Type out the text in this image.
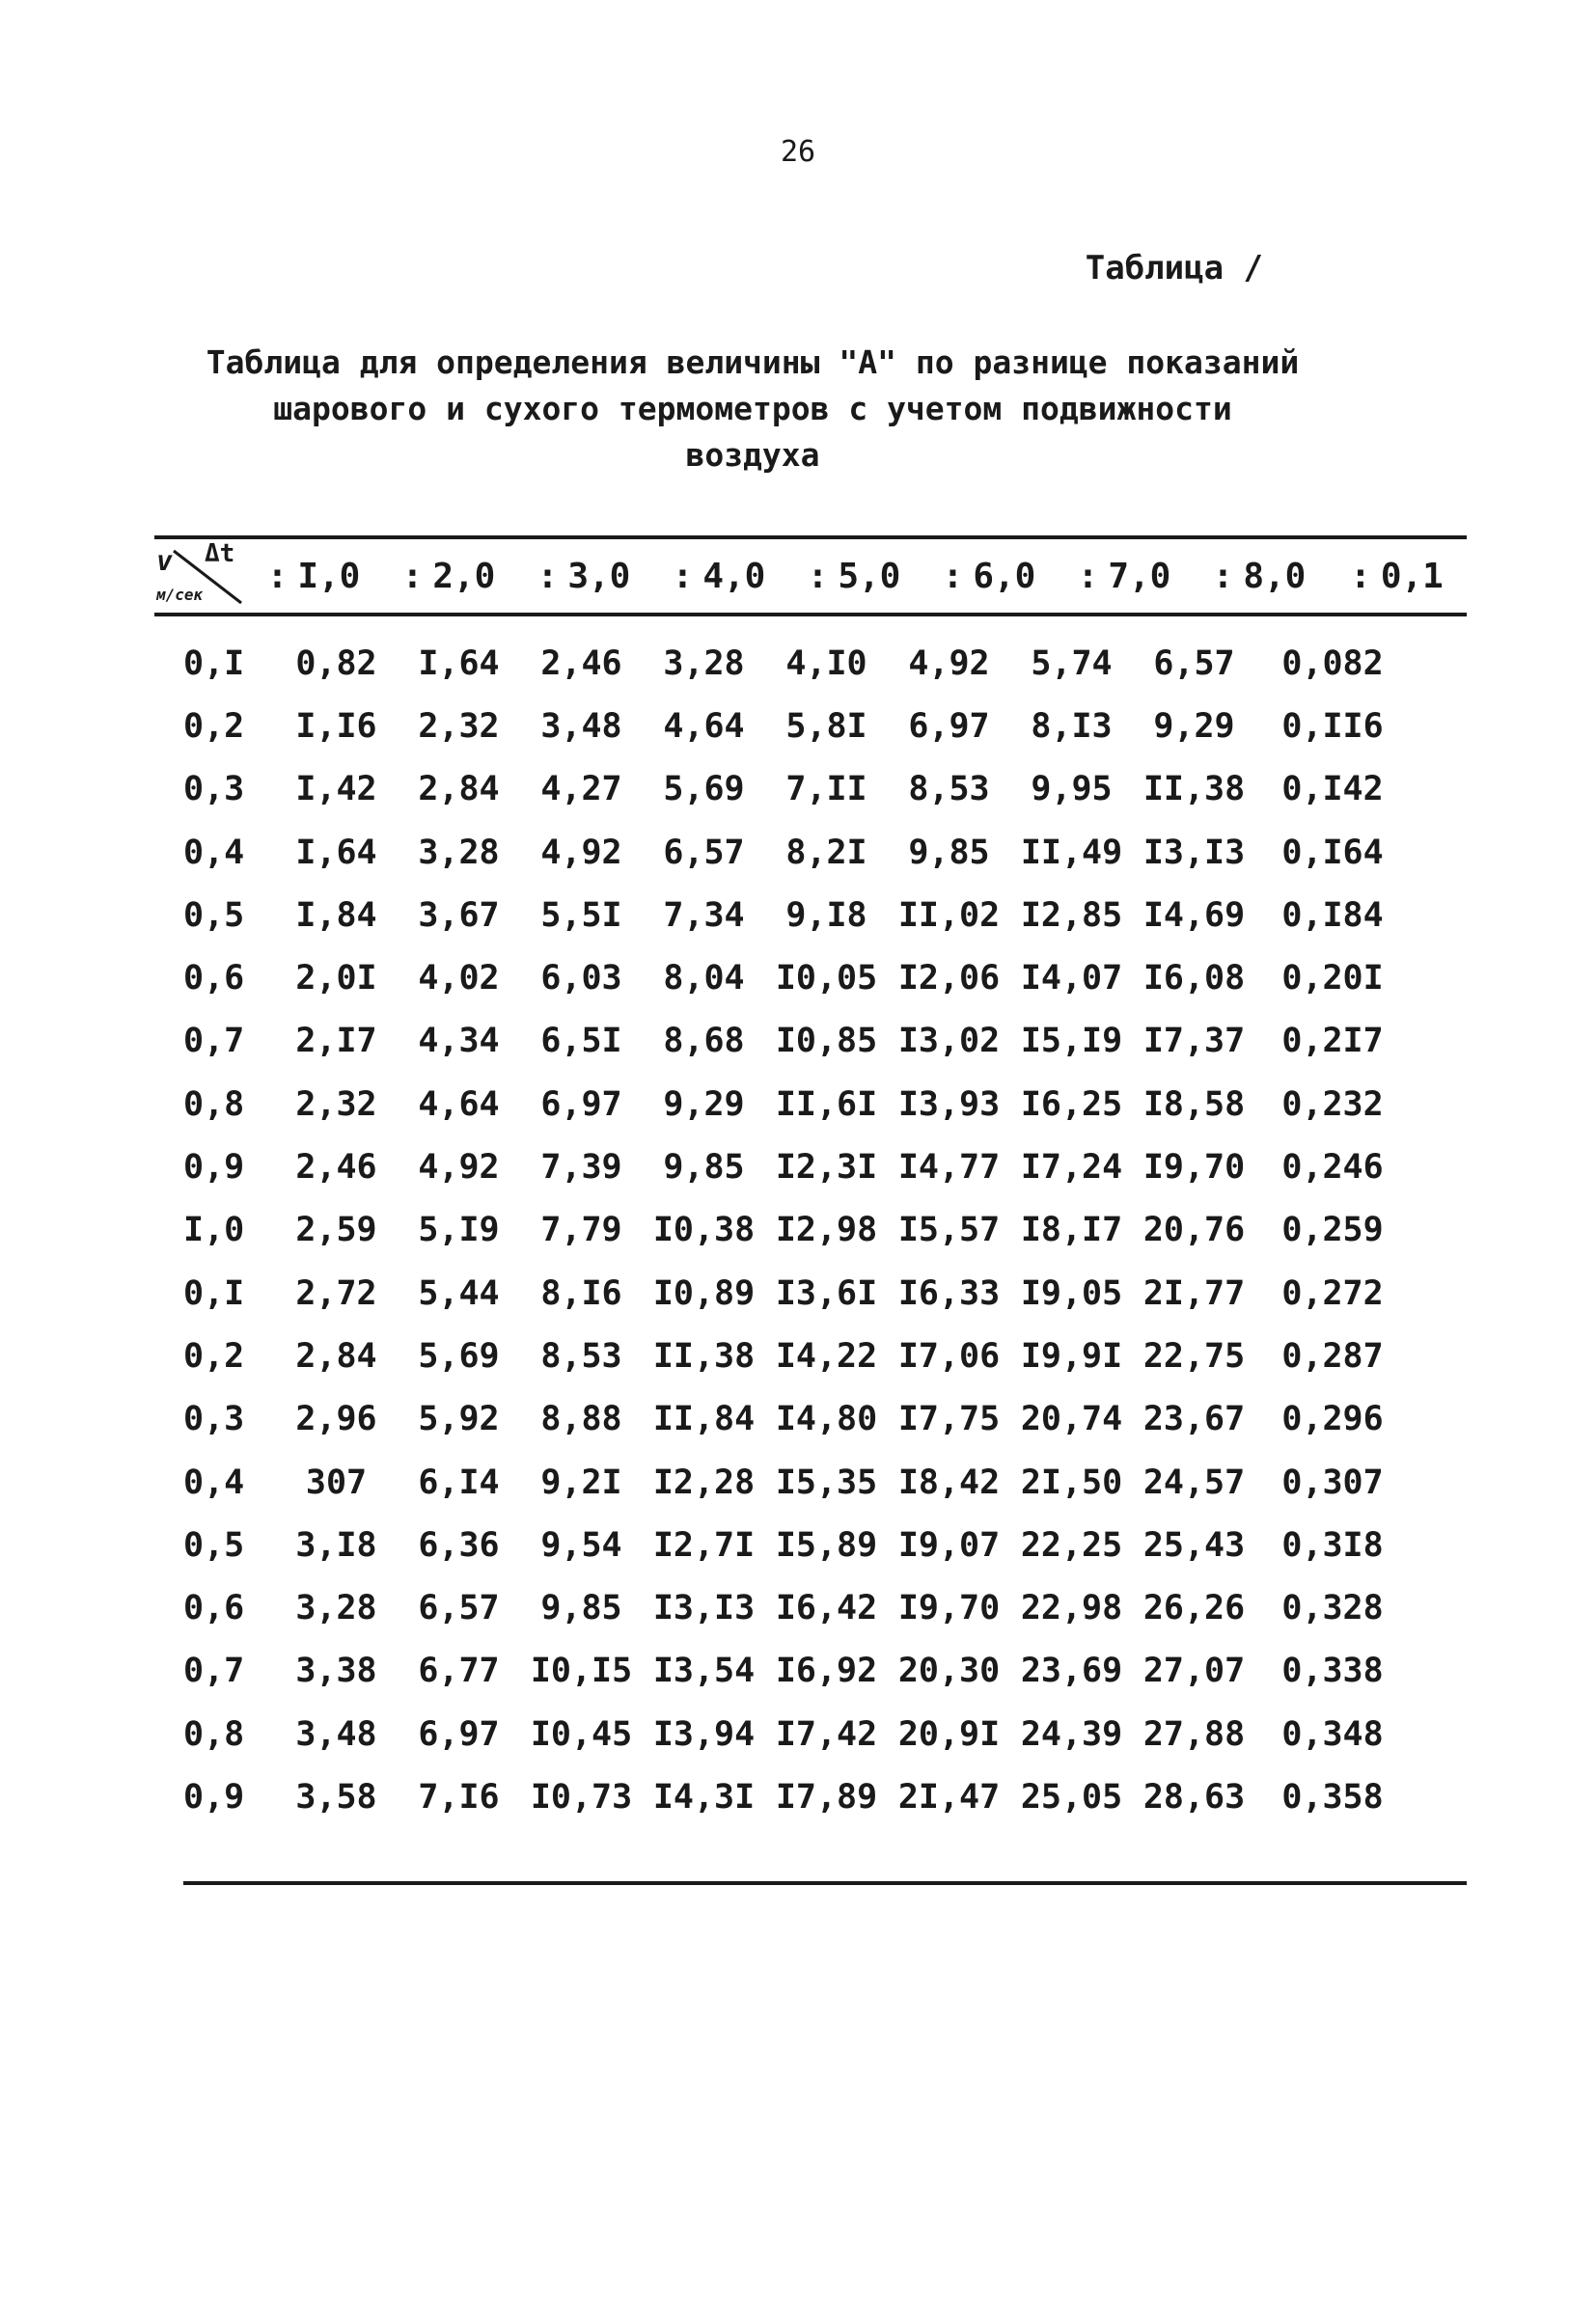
26
Таблица /
Таблица для определения величины "А" по разнице показаний
шарового и сухого термометров с учетом подвижности
воздуха
v Δt
м/сек	: I,0	: 2,0	: 3,0	: 4,0	: 5,0	: 6,0	: 7,0	: 8,0	: 0,1
0,I	0,82	I,64	2,46	3,28	4,I0	4,92	5,74	6,57	0,082
0,2	I,I6	2,32	3,48	4,64	5,8I	6,97	8,I3	9,29	0,II6
0,3	I,42	2,84	4,27	5,69	7,II	8,53	9,95 II,38	0,I42
0,4	I,64	3,28	4,92	6,57	8,2I	9,85 II,49 I3,I3	0,I64
0,5	I,84	3,67	5,5I	7,34	9,I8 II,02 I2,85 I4,69	0,I84
0,6	2,0I	4,02	6,03	8,04 I0,05 I2,06 I4,07 I6,08	0,20I
0,7	2,I7	4,34	6,5I	8,68 I0,85 I3,02 I5,I9 I7,37	0,2I7
0,8	2,32	4,64	6,97	9,29 II,6I I3,93 I6,25 I8,58	0,232
0,9	2,46	4,92	7,39	9,85 I2,3I I4,77 I7,24 I9,70	0,246
I,0	2,59	5,I9	7,79 I0,38 I2,98 I5,57 I8,I7 20,76	0,259
0,I	2,72	5,44	8,I6 I0,89 I3,6I I6,33 I9,05 2I,77	0,272
0,2	2,84	5,69	8,53 II,38 I4,22 I7,06 I9,9I 22,75	0,287
0,3	2,96	5,92	8,88 II,84 I4,80 I7,75 20,74 23,67	0,296
0,4	307	6,I4	9,2I I2,28 I5,35 I8,42 2I,50 24,57	0,307
0,5	3,I8	6,36	9,54 I2,7I I5,89 I9,07 22,25 25,43	0,3I8
0,6	3,28	6,57	9,85 I3,I3 I6,42 I9,70 22,98 26,26	0,328
0,7	3,38	6,77 I0,I5 I3,54 I6,92 20,30 23,69 27,07	0,338
0,8	3,48	6,97 I0,45 I3,94 I7,42 20,9I 24,39 27,88	0,348
0,9	3,58	7,I6 I0,73 I4,3I I7,89 2I,47 25,05 28,63	0,358
